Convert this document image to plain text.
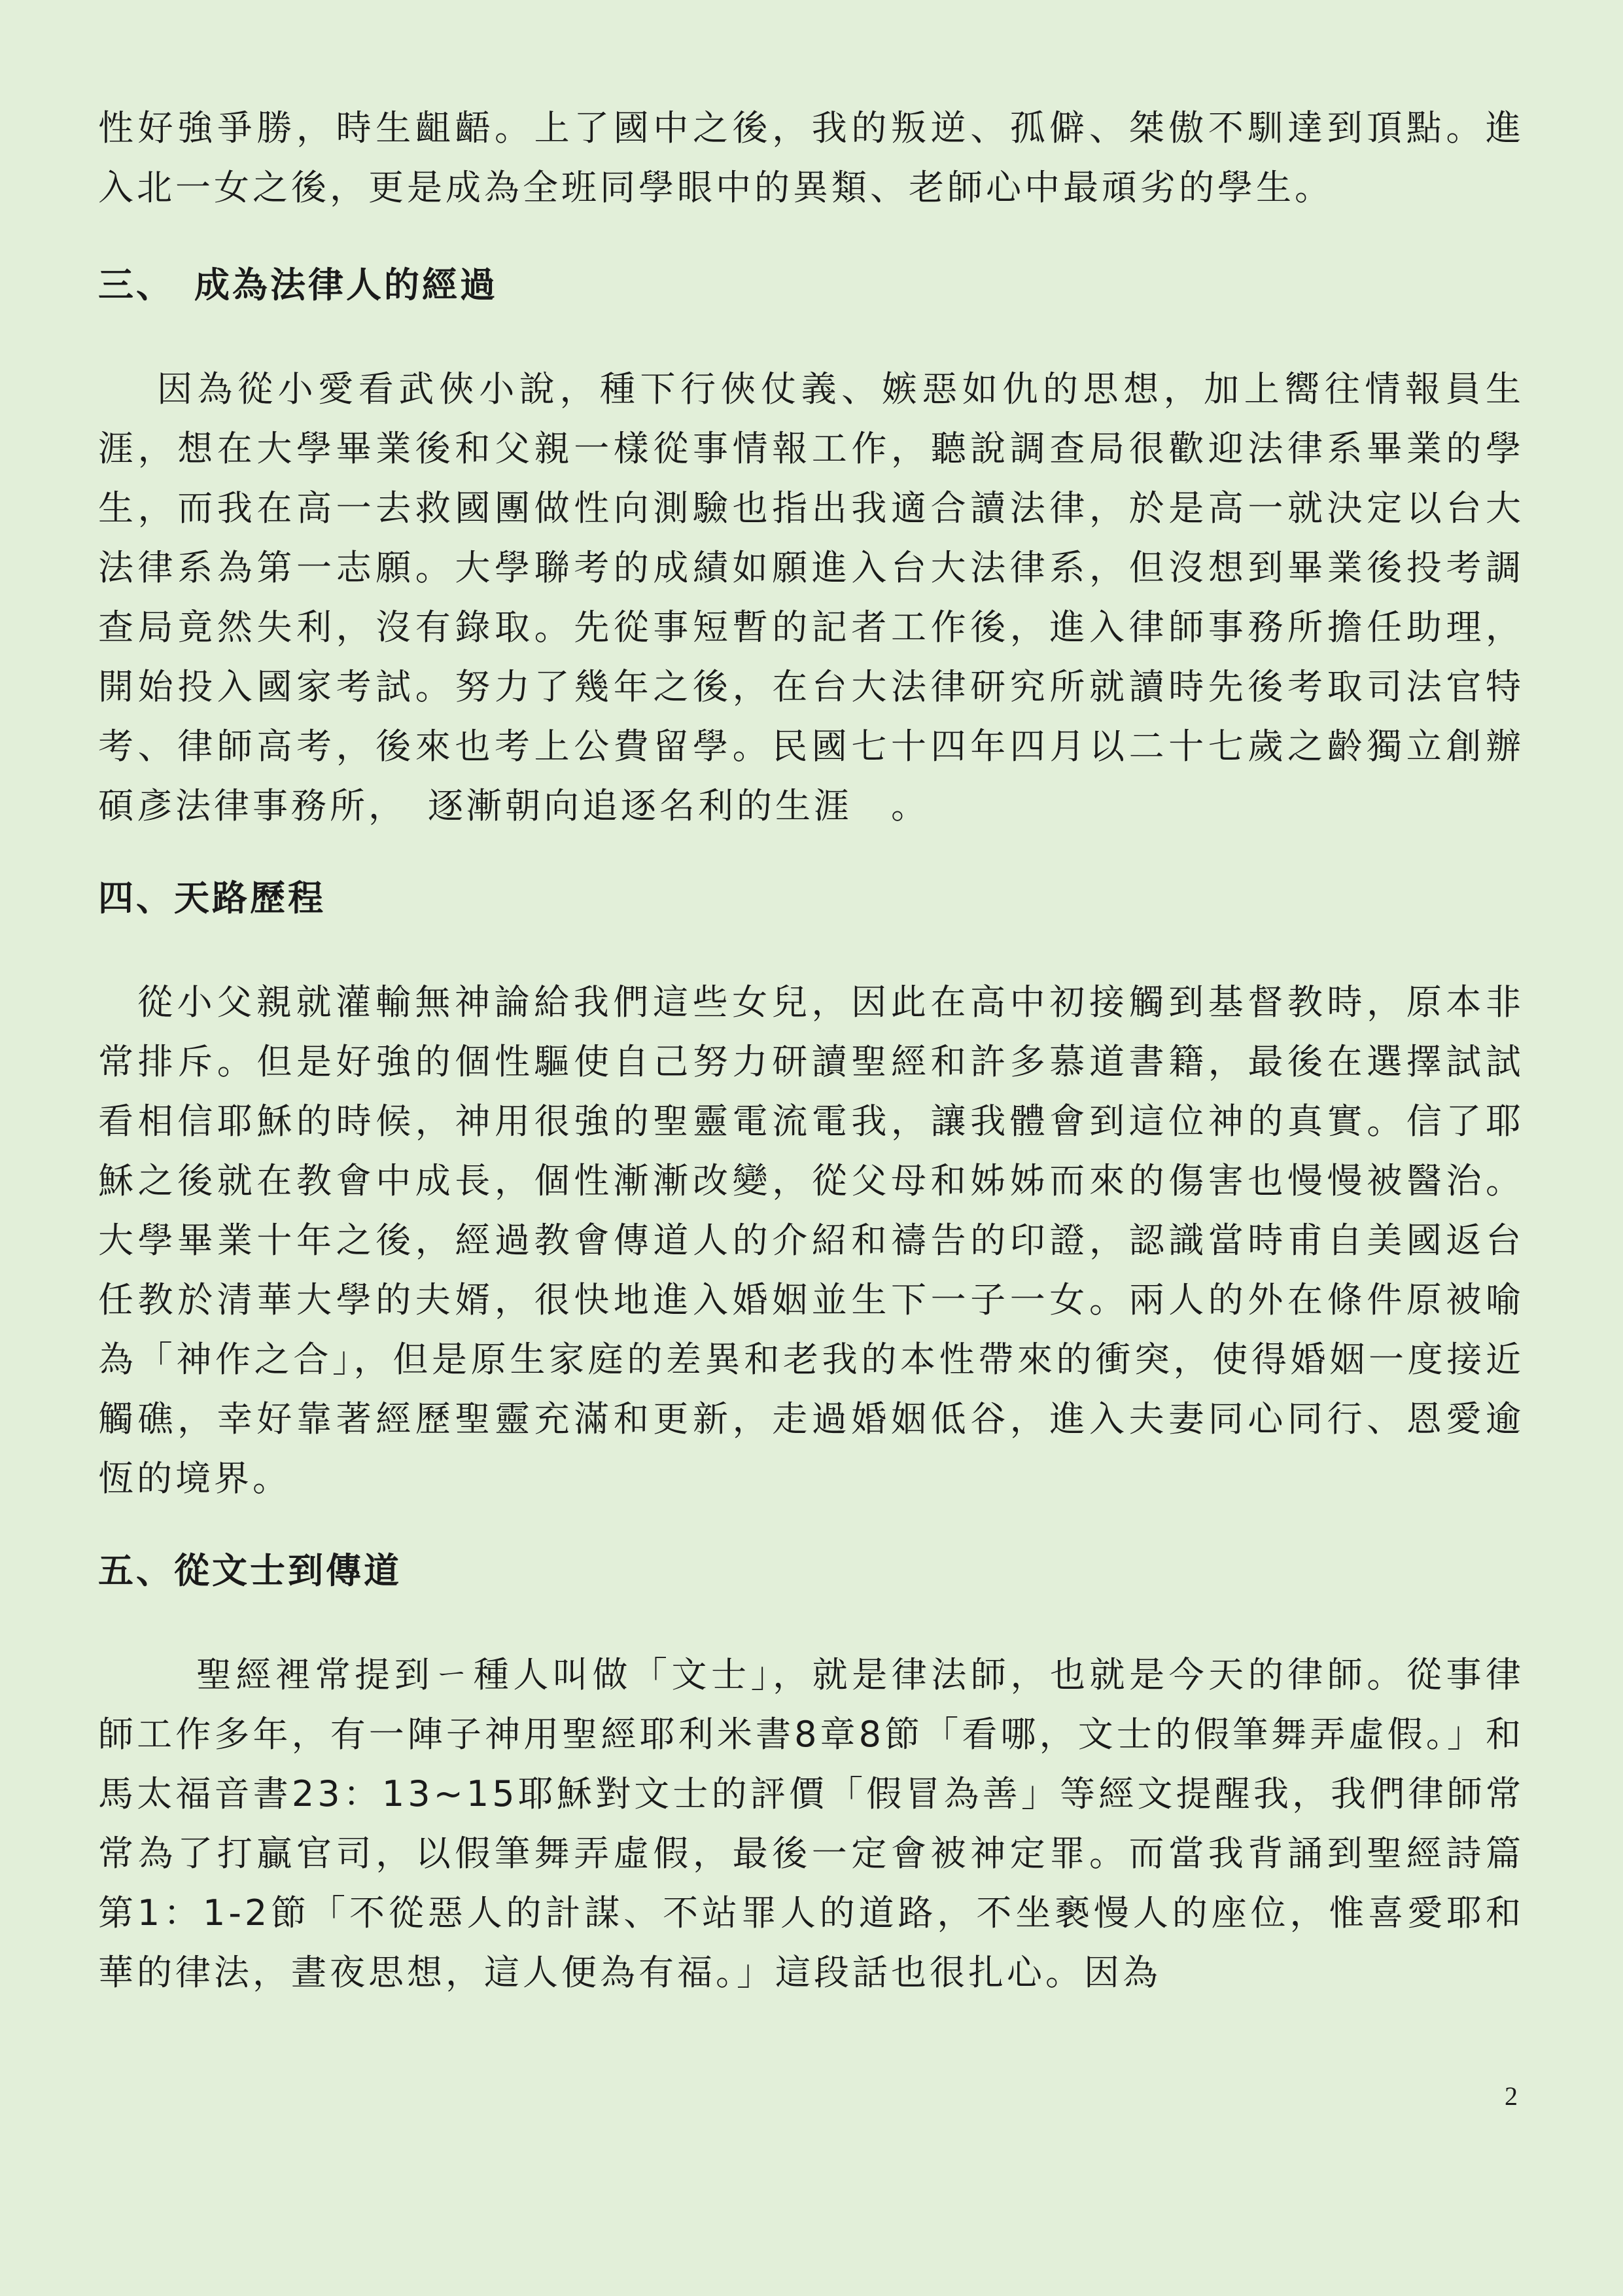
性好強爭勝，時生齟齬。上了國中之後，我的叛逆、孤僻、桀傲不馴達到頂點。進入北一女之後，更是成為全班同學眼中的異類、老師心中最頑劣的學生。

三、　成為法律人的經過

因為從小愛看武俠小說，種下行俠仗義、嫉惡如仇的思想，加上嚮往情報員生涯，想在大學畢業後和父親一樣從事情報工作，聽說調查局很歡迎法律系畢業的學生，而我在高一去救國團做性向測驗也指出我適合讀法律，於是高一就決定以台大法律系為第一志願。大學聯考的成績如願進入台大法律系，但沒想到畢業後投考調查局竟然失利，沒有錄取。先從事短暫的記者工作後，進入律師事務所擔任助理，開始投入國家考試。努力了幾年之後，在台大法律研究所就讀時先後考取司法官特考、律師高考，後來也考上公費留學。民國七十四年四月以二十七歲之齡獨立創辦碩彥法律事務所，　逐漸朝向追逐名利的生涯　。

四、天路歷程

從小父親就灌輸無神論給我們這些女兒，因此在高中初接觸到基督教時，原本非常排斥。但是好強的個性驅使自己努力研讀聖經和許多慕道書籍，最後在選擇試試看相信耶穌的時候，神用很強的聖靈電流電我，讓我體會到這位神的真實。信了耶穌之後就在教會中成長，個性漸漸改變，從父母和姊姊而來的傷害也慢慢被醫治。大學畢業十年之後，經過教會傳道人的介紹和禱告的印證，認識當時甫自美國返台任教於清華大學的夫婿，很快地進入婚姻並生下一子一女。兩人的外在條件原被喻為「神作之合」，但是原生家庭的差異和老我的本性帶來的衝突，使得婚姻一度接近觸礁，幸好靠著經歷聖靈充滿和更新，走過婚姻低谷，進入夫妻同心同行、恩愛逾恆的境界。

五、從文士到傳道

聖經裡常提到ㄧ種人叫做「文士」，就是律法師，也就是今天的律師。從事律師工作多年，有一陣子神用聖經耶利米書8章8節「看哪，文士的假筆舞弄虛假。」和馬太福音書23：13~15耶穌對文士的評價「假冒為善」等經文提醒我，我們律師常常為了打贏官司，以假筆舞弄虛假，最後一定會被神定罪。而當我背誦到聖經詩篇第1：1-2節「不從惡人的計謀、不站罪人的道路，不坐褻慢人的座位，惟喜愛耶和華的律法，晝夜思想，這人便為有福。」這段話也很扎心。因為

2
